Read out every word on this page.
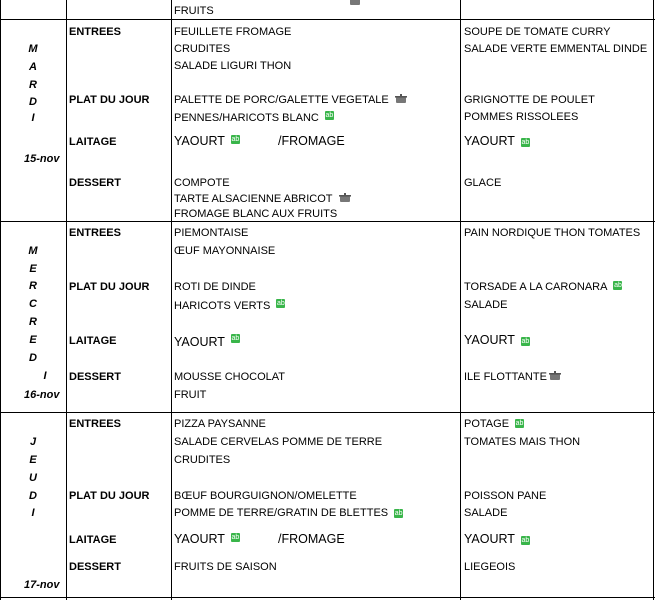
FRUITS
M
A
R
D
I
15-nov
ENTREES
PLAT DU JOUR
LAITAGE
DESSERT
FEUILLETE FROMAGE
CRUDITES
SALADE LIGURI THON
PALETTE DE PORC/GALETTE VEGETALE
PENNES/HARICOTS BLANC ab
YAOURT ab	/FROMAGE
COMPOTE
TARTE ALSACIENNE ABRICOT
FROMAGE BLANC AUX FRUITS
SOUPE DE TOMATE CURRY
SALADE VERTE EMMENTAL DINDE
GRIGNOTTE DE POULET
POMMES RISSOLEES
YAOURT ab
GLACE
M
E
R
C
R
E
D
I
16-nov
ENTREES
PLAT DU JOUR
LAITAGE
DESSERT
PIEMONTAISE
ŒUF MAYONNAISE
ROTI DE DINDE
HARICOTS VERTS ab
YAOURT ab
MOUSSE CHOCOLAT
FRUIT
PAIN NORDIQUE THON TOMATES
TORSADE A LA CARONARA ab
SALADE
YAOURT ab
ILE FLOTTANTE
J
E
U
D
I
17-nov
ENTREES
PLAT DU JOUR
LAITAGE
DESSERT
PIZZA PAYSANNE
SALADE CERVELAS POMME DE TERRE
CRUDITES
BŒUF BOURGUIGNON/OMELETTE
POMME DE TERRE/GRATIN DE BLETTES ab
YAOURT ab	/FROMAGE
FRUITS DE SAISON
POTAGE ab
TOMATES MAIS THON
POISSON PANE
SALADE
YAOURT ab
LIEGEOIS
